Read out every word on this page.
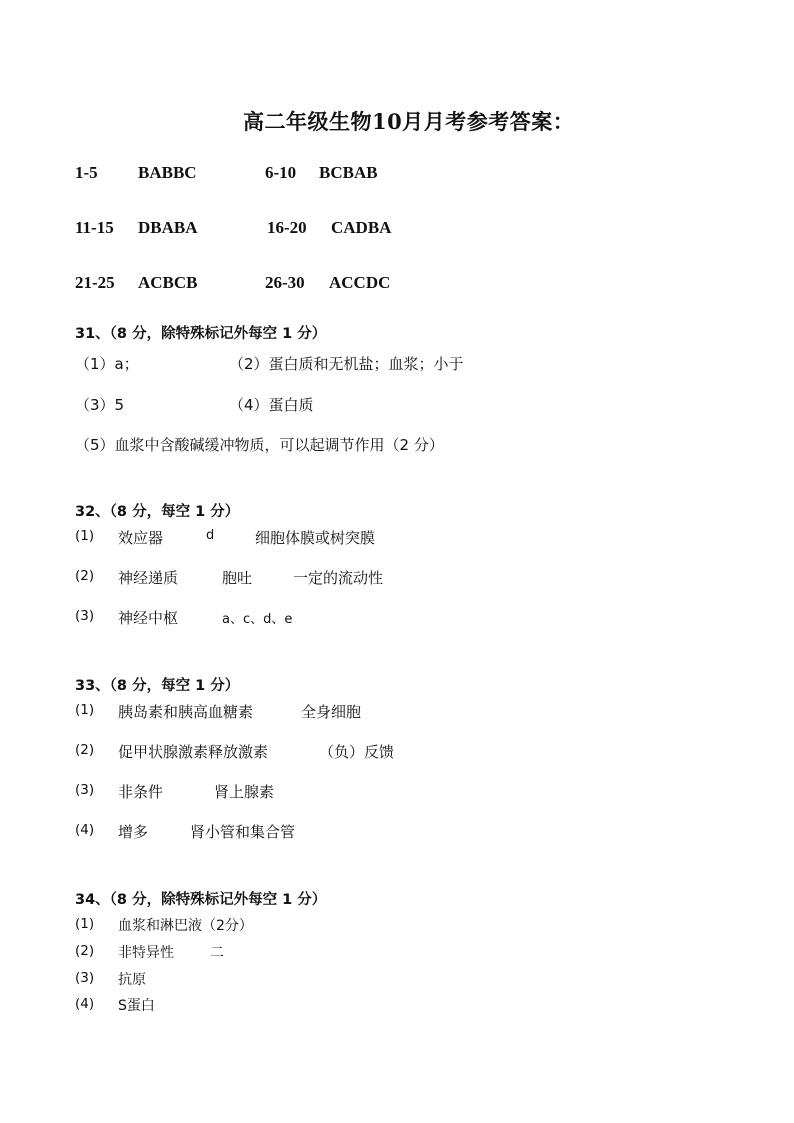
高二年级生物10月月考参考答案：
1-5 BABBC	6-10 BCBAB
11-15 DBABA	16-20 CADBA
21-25 ACBCB	26-30 ACCDC
31、（8 分，除特殊标记外每空 1 分）
（1）a；	（2）蛋白质和无机盐；血浆；小于
（3）5	（4）蛋白质
（5）血浆中含酸碱缓冲物质，可以起调节作用（2 分）
32、（8 分，每空 1 分）
(1) 效应器	d	细胞体膜或树突膜
(2) 神经递质	胞吐	一定的流动性
(3) 神经中枢	a、c、d、e
33、（8 分，每空 1 分）
(1) 胰岛素和胰高血糖素	全身细胞
(2) 促甲状腺激素释放激素	（负）反馈
(3) 非条件	肾上腺素
(4) 增多	肾小管和集合管
34、（8 分，除特殊标记外每空 1 分）
(1) 血浆和淋巴液（2分）
(2) 非特异性	二
(3) 抗原
(4) S蛋白
